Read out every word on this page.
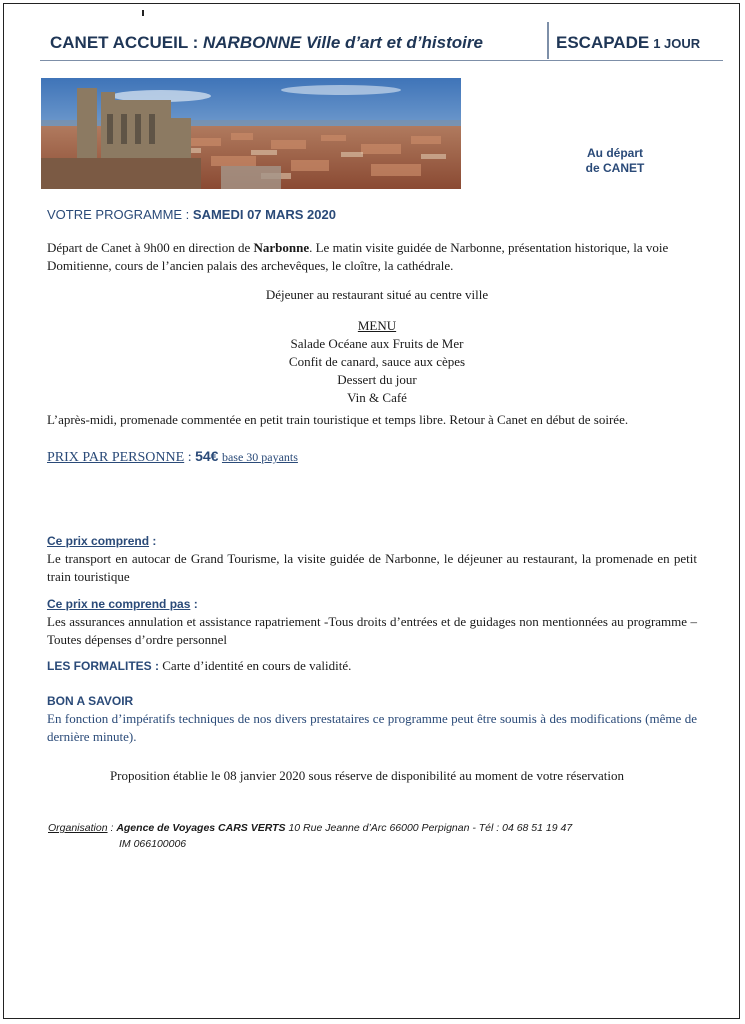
CANET ACCUEIL : NARBONNE Ville d’art et d’histoire	ESCAPADE 1 JOUR
Au départ
de CANET
VOTRE PROGRAMME : SAMEDI 07 MARS 2020
Départ de Canet à 9h00 en direction de Narbonne. Le matin visite guidée de Narbonne, présentation historique, la voie Domitienne, cours de l’ancien palais des archevêques, le cloître, la cathédrale.
Déjeuner au restaurant situé au centre ville
MENU
Salade Océane aux Fruits de Mer
Confit de canard, sauce aux cèpes
Dessert du jour
Vin & Café
L’après-midi, promenade commentée en petit train touristique et temps libre. Retour à Canet en début de soirée.
PRIX PAR PERSONNE : 54€ base 30 payants
Ce prix comprend :
Le transport en autocar de Grand Tourisme, la visite guidée de Narbonne, le déjeuner au restaurant, la promenade en petit train touristique
Ce prix ne comprend pas :
Les assurances annulation et assistance rapatriement -Tous droits d’entrées et de guidages non mentionnées au programme – Toutes dépenses d’ordre personnel
LES FORMALITES : Carte d’identité en cours de validité.
BON A SAVOIR
En fonction d’impératifs techniques de nos divers prestataires ce programme peut être soumis à des modifications (même de dernière minute).
Proposition établie le 08 janvier 2020 sous réserve de disponibilité au moment de votre réservation
Organisation : Agence de Voyages CARS VERTS 10 Rue Jeanne d’Arc 66000 Perpignan - Tél : 04 68 51 19 47
IM 066100006
